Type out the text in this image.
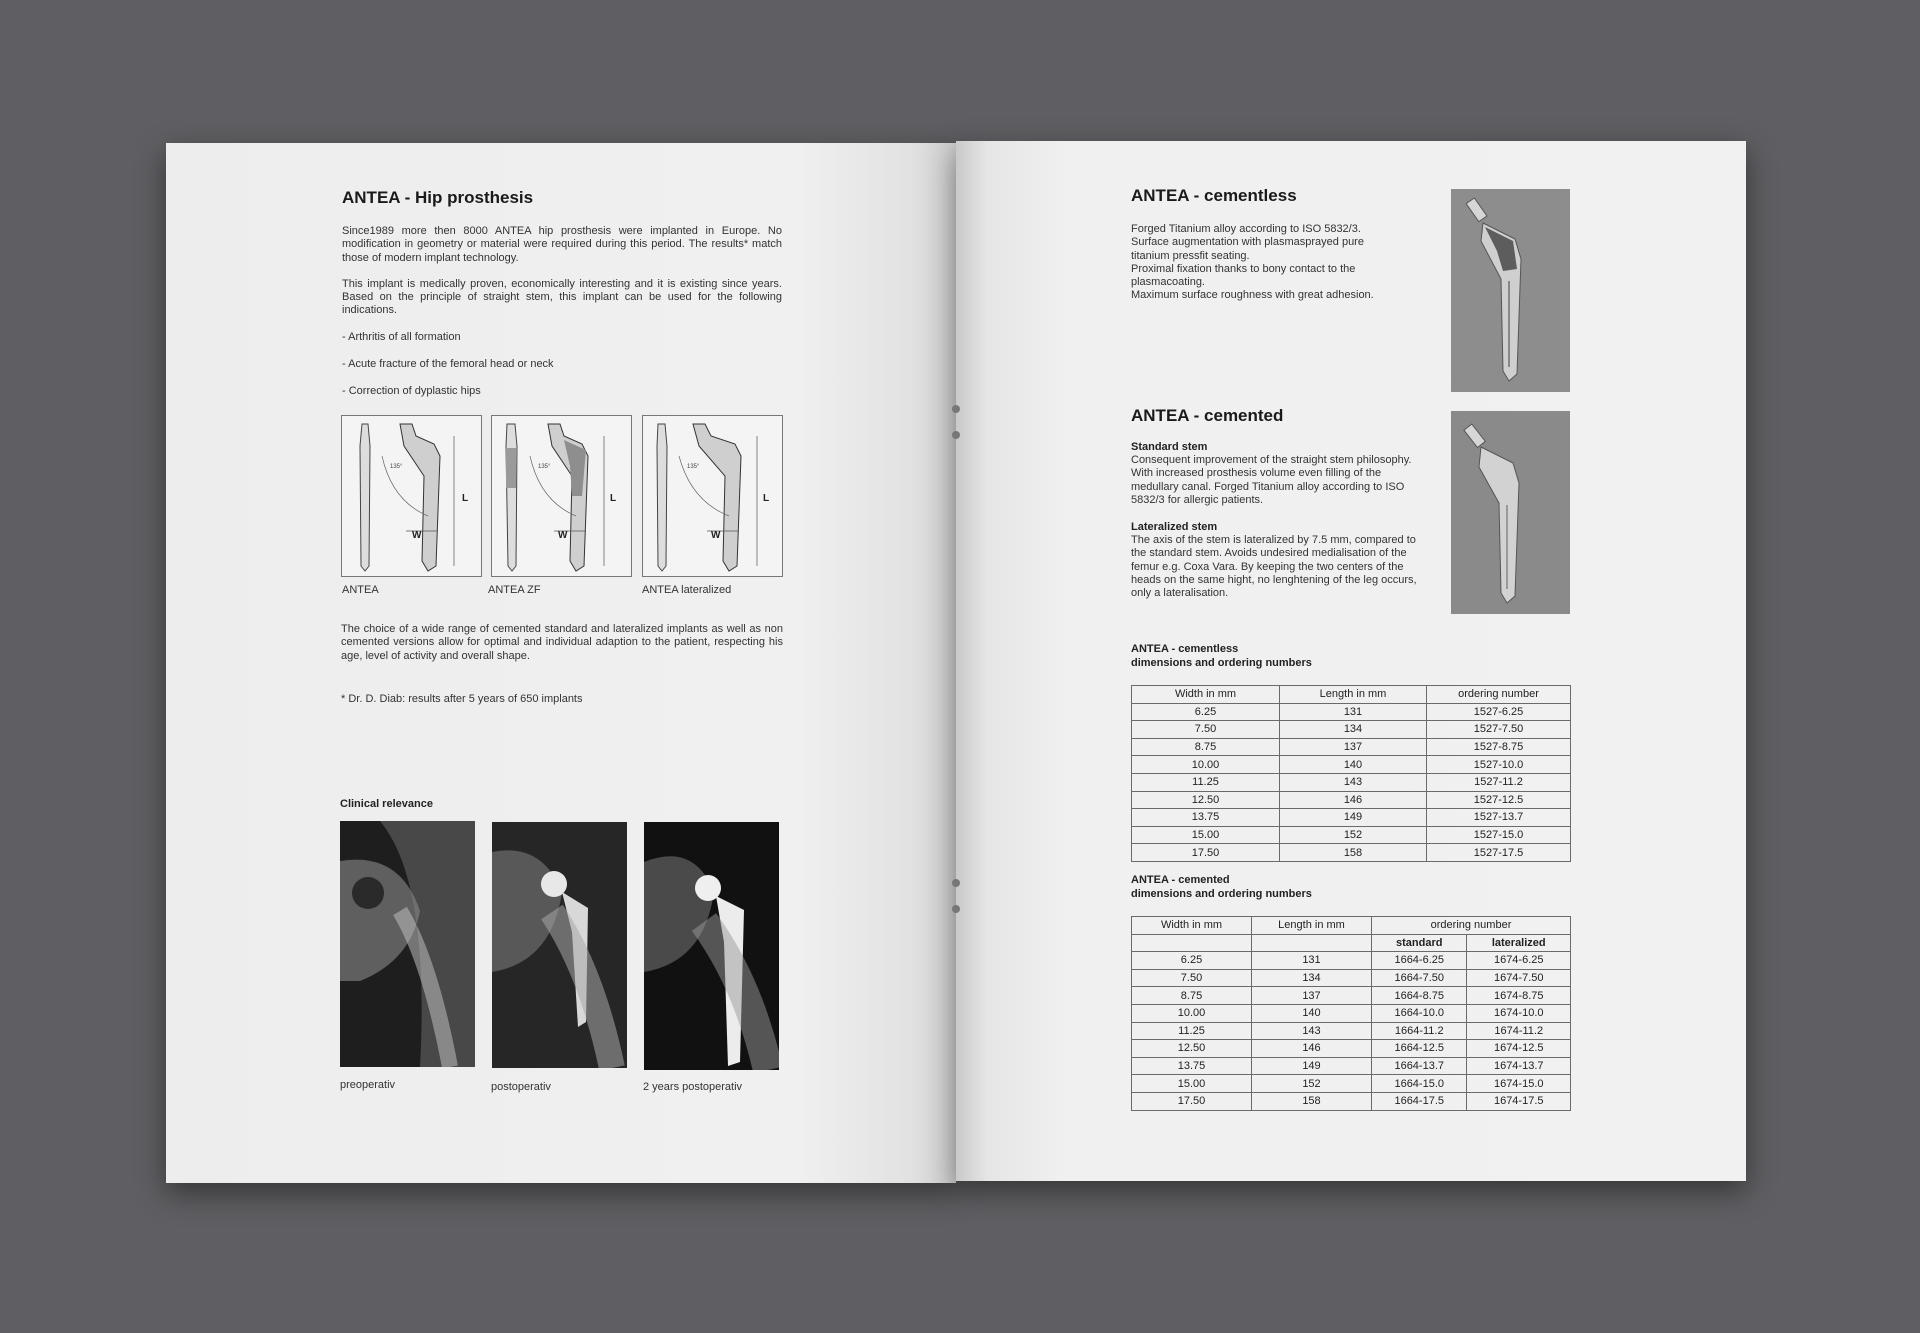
ANTEA - Hip prosthesis

Since1989 more then 8000 ANTEA hip prosthesis were implanted in Europe. No modification in geometry or material were required during this period. The results* match those of modern implant technology.

This implant is medically proven, economically interesting and it is existing since years. Based on the principle of straight stem, this implant can be used for the following indications.

- Arthritis of all formation
- Acute fracture of the femoral head or neck
- Correction of dyplastic hips
135°
L
W
135°
L
W
135°
L
W
ANTEA	ANTEA ZF	ANTEA lateralized
The choice of a wide range of cemented standard and lateralized implants as well as non cemented versions allow for optimal and individual adaption to the patient, respecting his age, level of activity and overall shape.
* Dr. D. Diab: results after 5 years of 650 implants
Clinical relevance
preoperativ	postoperativ	2 years postoperativ
ANTEA - cementless
Forged Titanium alloy according to ISO 5832/3.
Surface augmentation with plasmasprayed pure
titanium pressfit seating.
Proximal fixation thanks to bony contact to the
plasmacoating.
Maximum surface roughness with great adhesion.
ANTEA - cemented
Standard stem
Consequent improvement of the straight stem philosophy. With increased prosthesis volume even filling of the medullary canal. Forged Titanium alloy according to ISO 5832/3 for allergic patients.
Lateralized stem
The axis of the stem is lateralized by 7.5 mm, compared to the standard stem. Avoids undesired medialisation of the femur e.g. Coxa Vara. By keeping the two centers of the heads on the same hight, no lenghtening of the leg occurs, only a lateralisation.
ANTEA - cementless
dimensions and ordering numbers
Width in mm	Length in mm	ordering number
6.25	131	1527-6.25
7.50	134	1527-7.50
8.75	137	1527-8.75
10.00	140	1527-10.0
11.25	143	1527-11.2
12.50	146	1527-12.5
13.75	149	1527-13.7
15.00	152	1527-15.0
17.50	158	1527-17.5
ANTEA - cemented
dimensions and ordering numbers
Width in mm	Length in mm	ordering number	
		standard	lateralized
6.25	131	1664-6.25	1674-6.25
7.50	134	1664-7.50	1674-7.50
8.75	137	1664-8.75	1674-8.75
10.00	140	1664-10.0	1674-10.0
11.25	143	1664-11.2	1674-11.2
12.50	146	1664-12.5	1674-12.5
13.75	149	1664-13.7	1674-13.7
15.00	152	1664-15.0	1674-15.0
17.50	158	1664-17.5	1674-17.5
